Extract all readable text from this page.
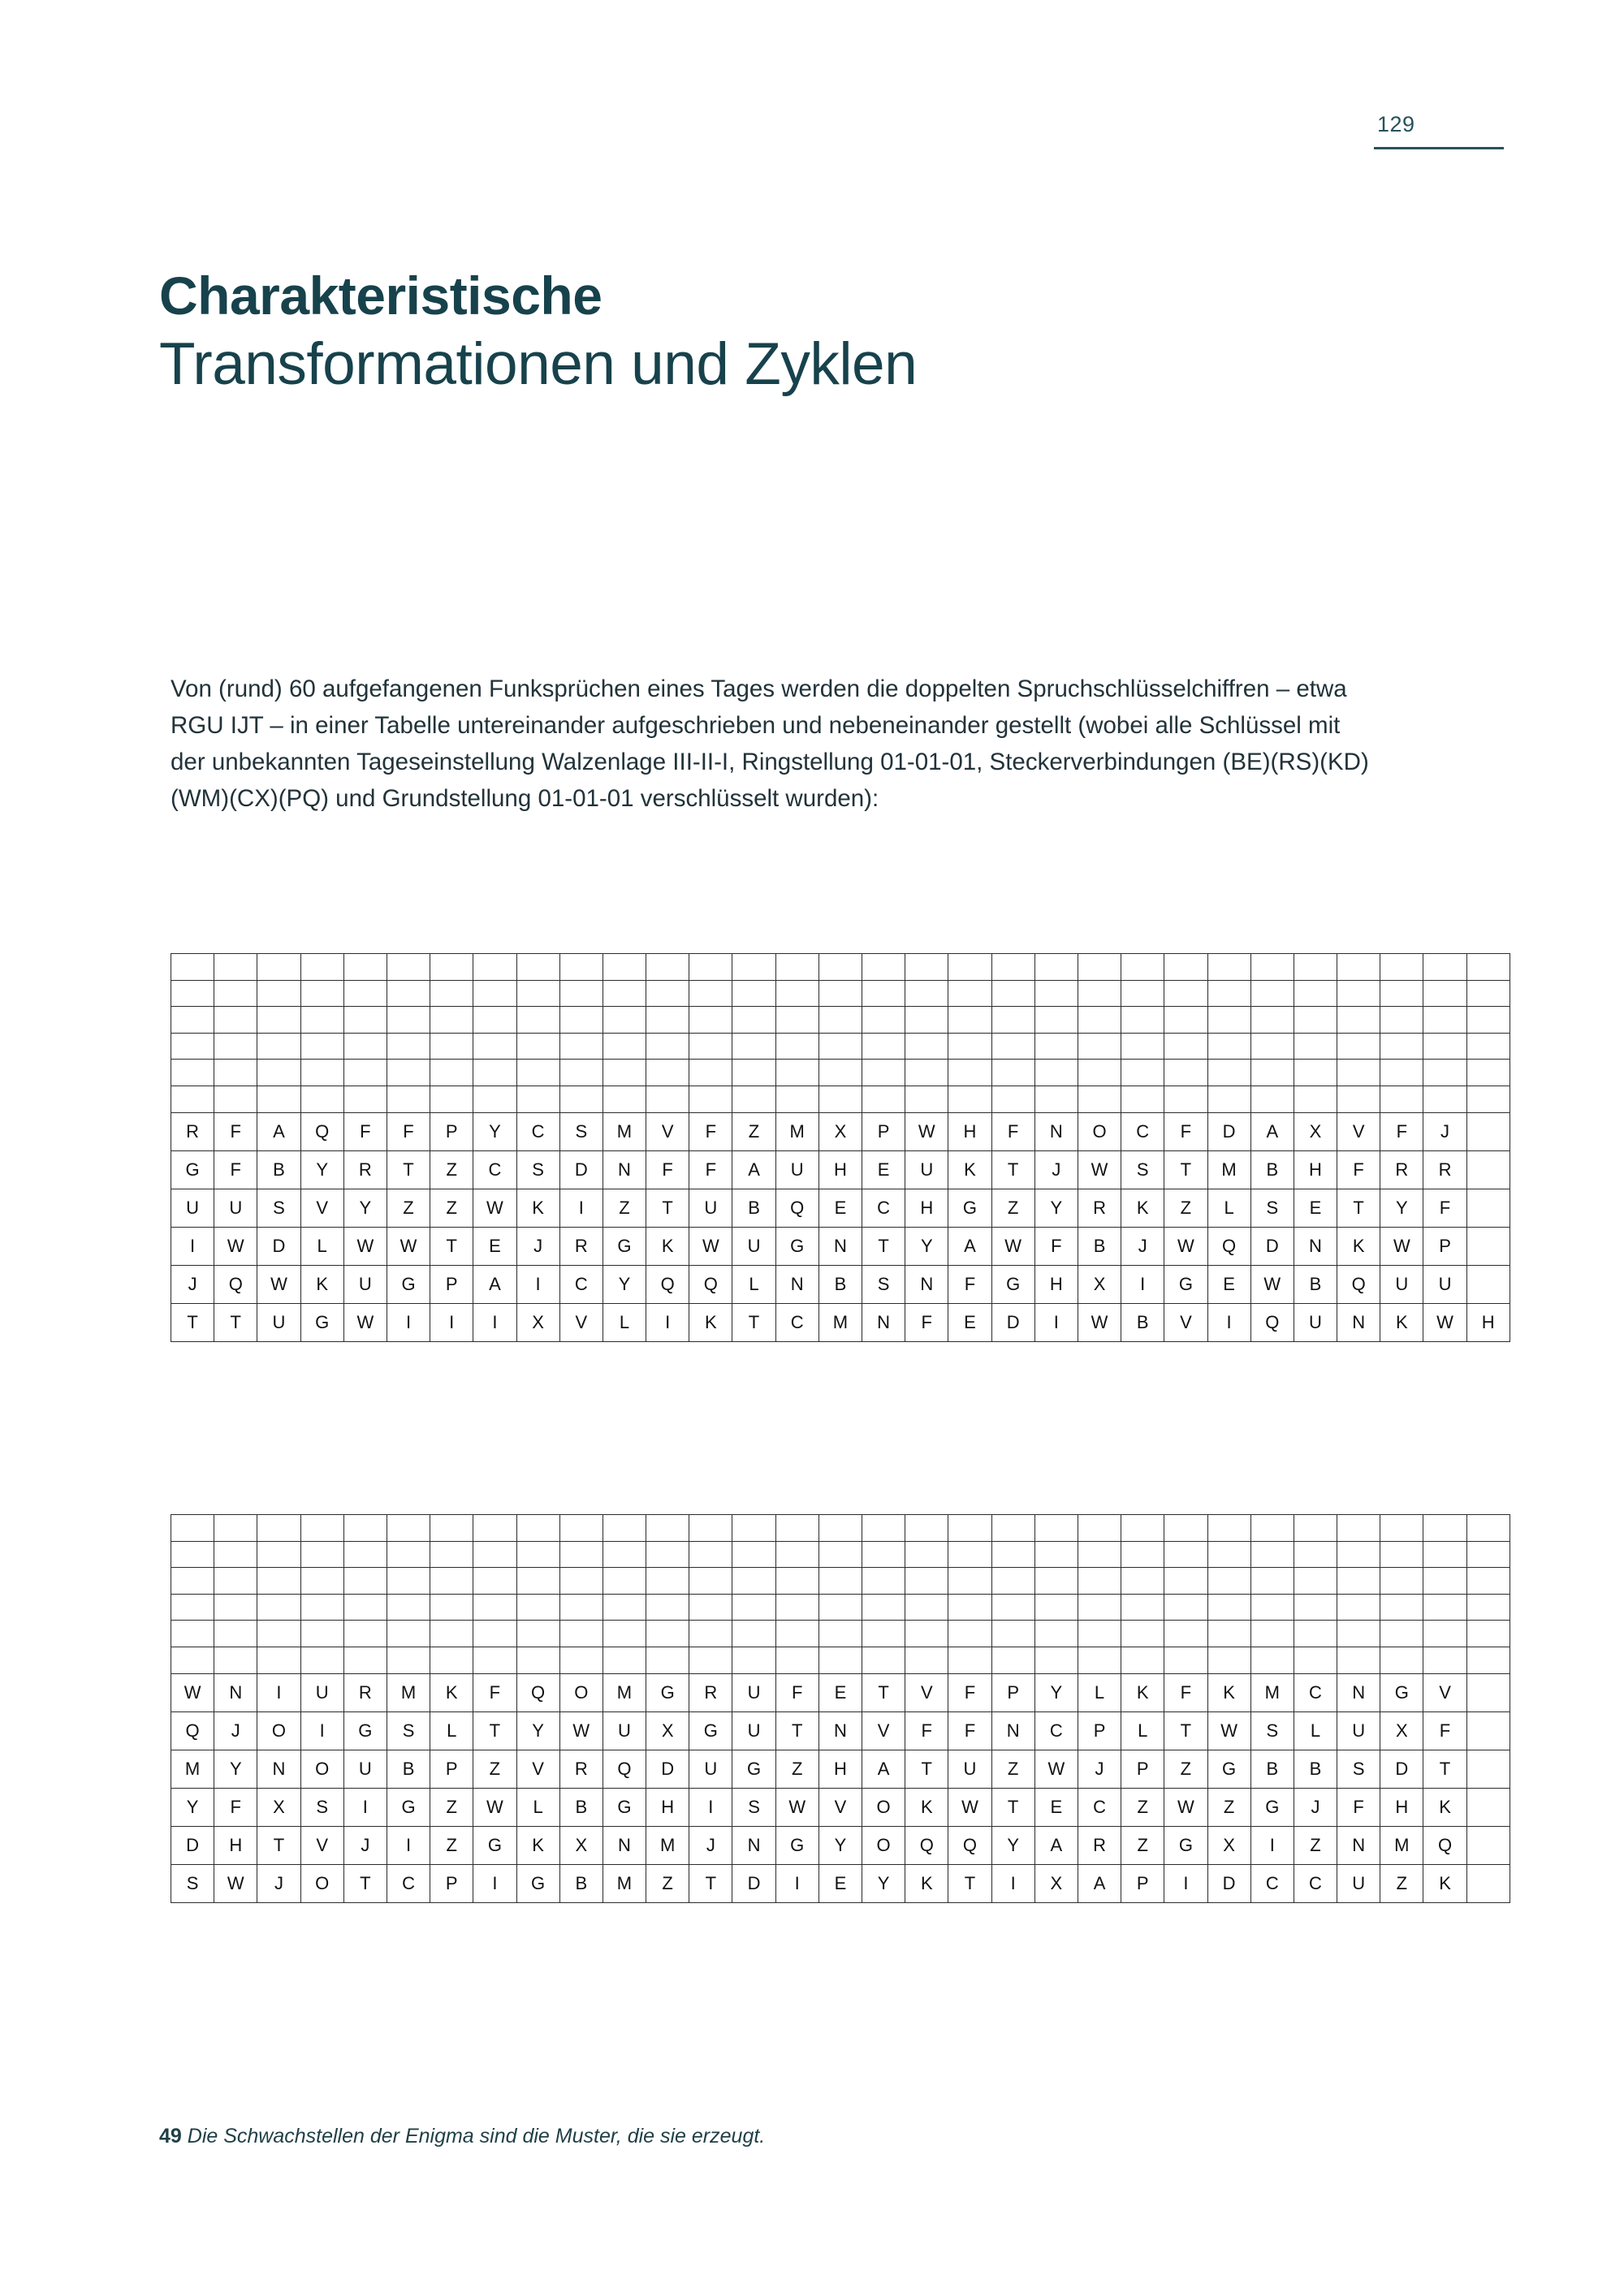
129
Charakteristische
Transformationen und Zyklen
Von (rund) 60 aufgefangenen Funksprüchen eines Tages werden die doppelten Spruchschlüsselchiffren – etwa RGU IJT – in einer Tabelle untereinander aufgeschrieben und nebeneinander gestellt (wobei alle Schlüssel mit der unbekannten Tageseinstellung Walzenlage III-II-I, Ringstellung 01-01-01, Steckerverbindungen (BE)(RS)(KD)(WM)(CX)(PQ) und Grundstellung 01-01-01 verschlüsselt wurden):

R	F	A	Q	F	F	P	Y	C	S	M	V	F	Z	M	X	P	W	H	F	N	O	C	F	D	A	X	V	F	J	
G	F	B	Y	R	T	Z	C	S	D	N	F	F	A	U	H	E	U	K	T	J	W	S	T	M	B	H	F	R	R	
U	U	S	V	Y	Z	Z	W	K	I	Z	T	U	B	Q	E	C	H	G	Z	Y	R	K	Z	L	S	E	T	Y	F	
I	W	D	L	W	W	T	E	J	R	G	K	W	U	G	N	T	Y	A	W	F	B	J	W	Q	D	N	K	W	P	
J	Q	W	K	U	G	P	A	I	C	Y	Q	Q	L	N	B	S	N	F	G	H	X	I	G	E	W	B	Q	U	U	
T	T	U	G	W	I	I	I	X	V	L	I	K	T	C	M	N	F	E	D	I	W	B	V	I	Q	U	N	K	W	H

W	N	I	U	R	M	K	F	Q	O	M	G	R	U	F	E	T	V	F	P	Y	L	K	F	K	M	C	N	G	V	
Q	J	O	I	G	S	L	T	Y	W	U	X	G	U	T	N	V	F	F	N	C	P	L	T	W	S	L	U	X	F	
M	Y	N	O	U	B	P	Z	V	R	Q	D	U	G	Z	H	A	T	U	Z	W	J	P	Z	G	B	B	S	D	T	
Y	F	X	S	I	G	Z	W	L	B	G	H	I	S	W	V	O	K	W	T	E	C	Z	W	Z	G	J	F	H	K	
D	H	T	V	J	I	Z	G	K	X	N	M	J	N	G	Y	O	Q	Q	Y	A	R	Z	G	X	I	Z	N	M	Q	
S	W	J	O	T	C	P	I	G	B	M	Z	T	D	I	E	Y	K	T	I	X	A	P	I	D	C	C	U	Z	K	
49 Die Schwachstellen der Enigma sind die Muster, die sie erzeugt.
